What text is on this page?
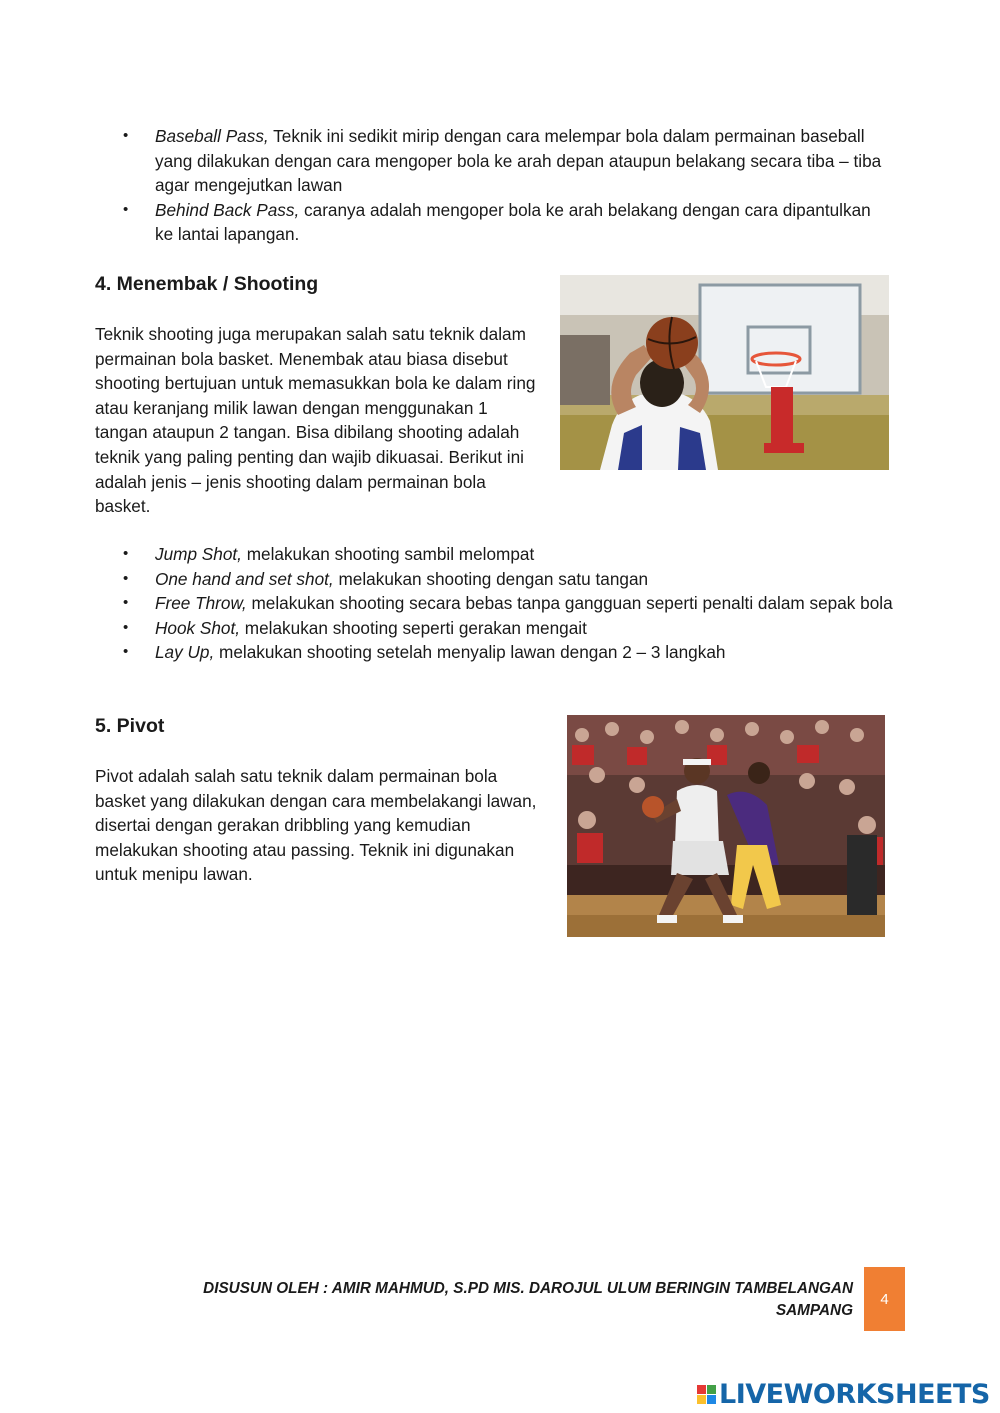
• Baseball Pass, Teknik ini sedikit mirip dengan cara melempar bola dalam permainan baseball yang dilakukan dengan cara mengoper bola ke arah depan ataupun belakang secara tiba – tiba agar mengejutkan lawan
• Behind Back Pass, caranya adalah mengoper bola ke arah belakang dengan cara dipantulkan ke lantai lapangan.
4. Menembak / Shooting

Teknik shooting juga merupakan salah satu teknik dalam permainan bola basket. Menembak atau biasa disebut shooting bertujuan untuk memasukkan bola ke dalam ring atau keranjang milik lawan dengan menggunakan 1 tangan ataupun 2 tangan. Bisa dibilang shooting adalah teknik yang paling penting dan wajib dikuasai. Berikut ini adalah jenis – jenis shooting dalam permainan bola basket.

• Jump Shot, melakukan shooting sambil melompat
• One hand and set shot, melakukan shooting dengan satu tangan
• Free Throw, melakukan shooting secara bebas tanpa gangguan seperti penalti dalam sepak bola
• Hook Shot, melakukan shooting seperti gerakan mengait
• Lay Up, melakukan shooting setelah menyalip lawan dengan 2 – 3 langkah
5. Pivot

Pivot adalah salah satu teknik dalam permainan bola basket yang dilakukan dengan cara membelakangi lawan, disertai dengan gerakan dribbling yang kemudian melakukan shooting atau passing. Teknik ini digunakan untuk menipu lawan.

DISUSUN OLEH : AMIR MAHMUD, S.PD MIS. DAROJUL ULUM BERINGIN TAMBELANGAN SAMPANG
4
LIVEWORKSHEETS
